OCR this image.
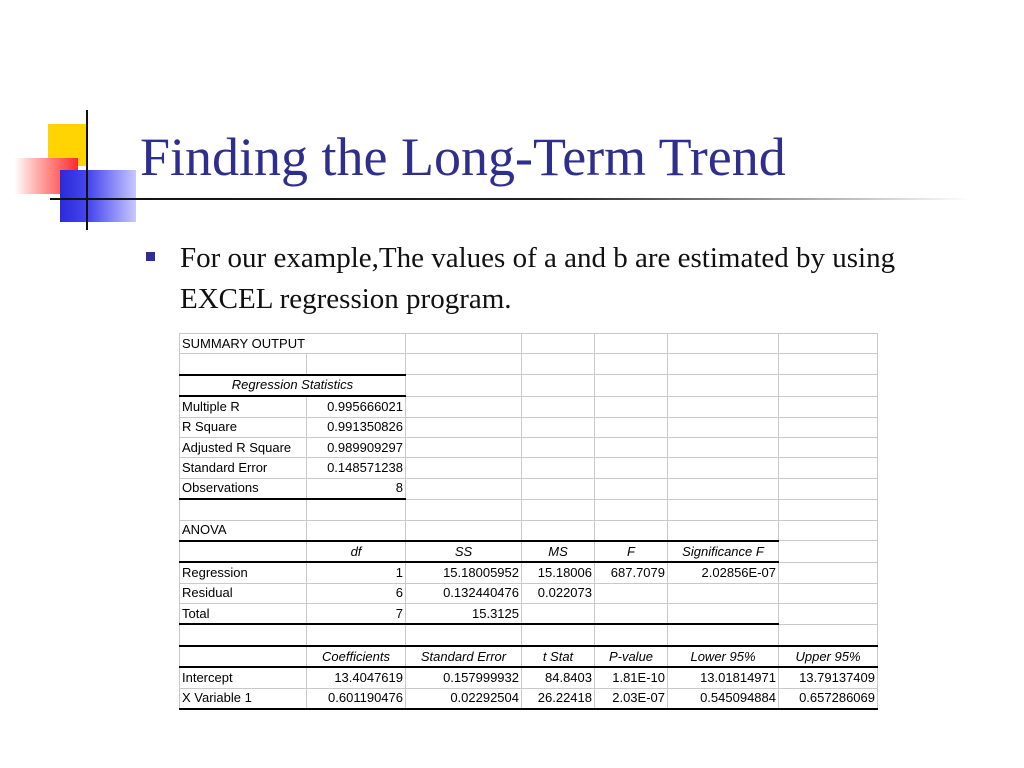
Finding the Long-Term Trend
For our example,The values of a and b are estimated by using EXCEL regression program.
SUMMARY OUTPUT						

Regression Statistics						
Multiple R	0.995666021					
R Square	0.991350826					
Adjusted R Square	0.989909297					
Standard Error	0.148571238					
Observations	8					

ANOVA						
	df	SS	MS	F	Significance F	
Regression	1	15.18005952	15.18006	687.7079	2.02856E-07	
Residual	6	0.132440476	0.022073			
Total	7	15.3125				

	Coefficients	Standard Error	t Stat	P-value	Lower 95%	Upper 95%
Intercept	13.4047619	0.157999932	84.8403	1.81E-10	13.01814971	13.79137409
X Variable 1	0.601190476	0.02292504	26.22418	2.03E-07	0.545094884	0.657286069
